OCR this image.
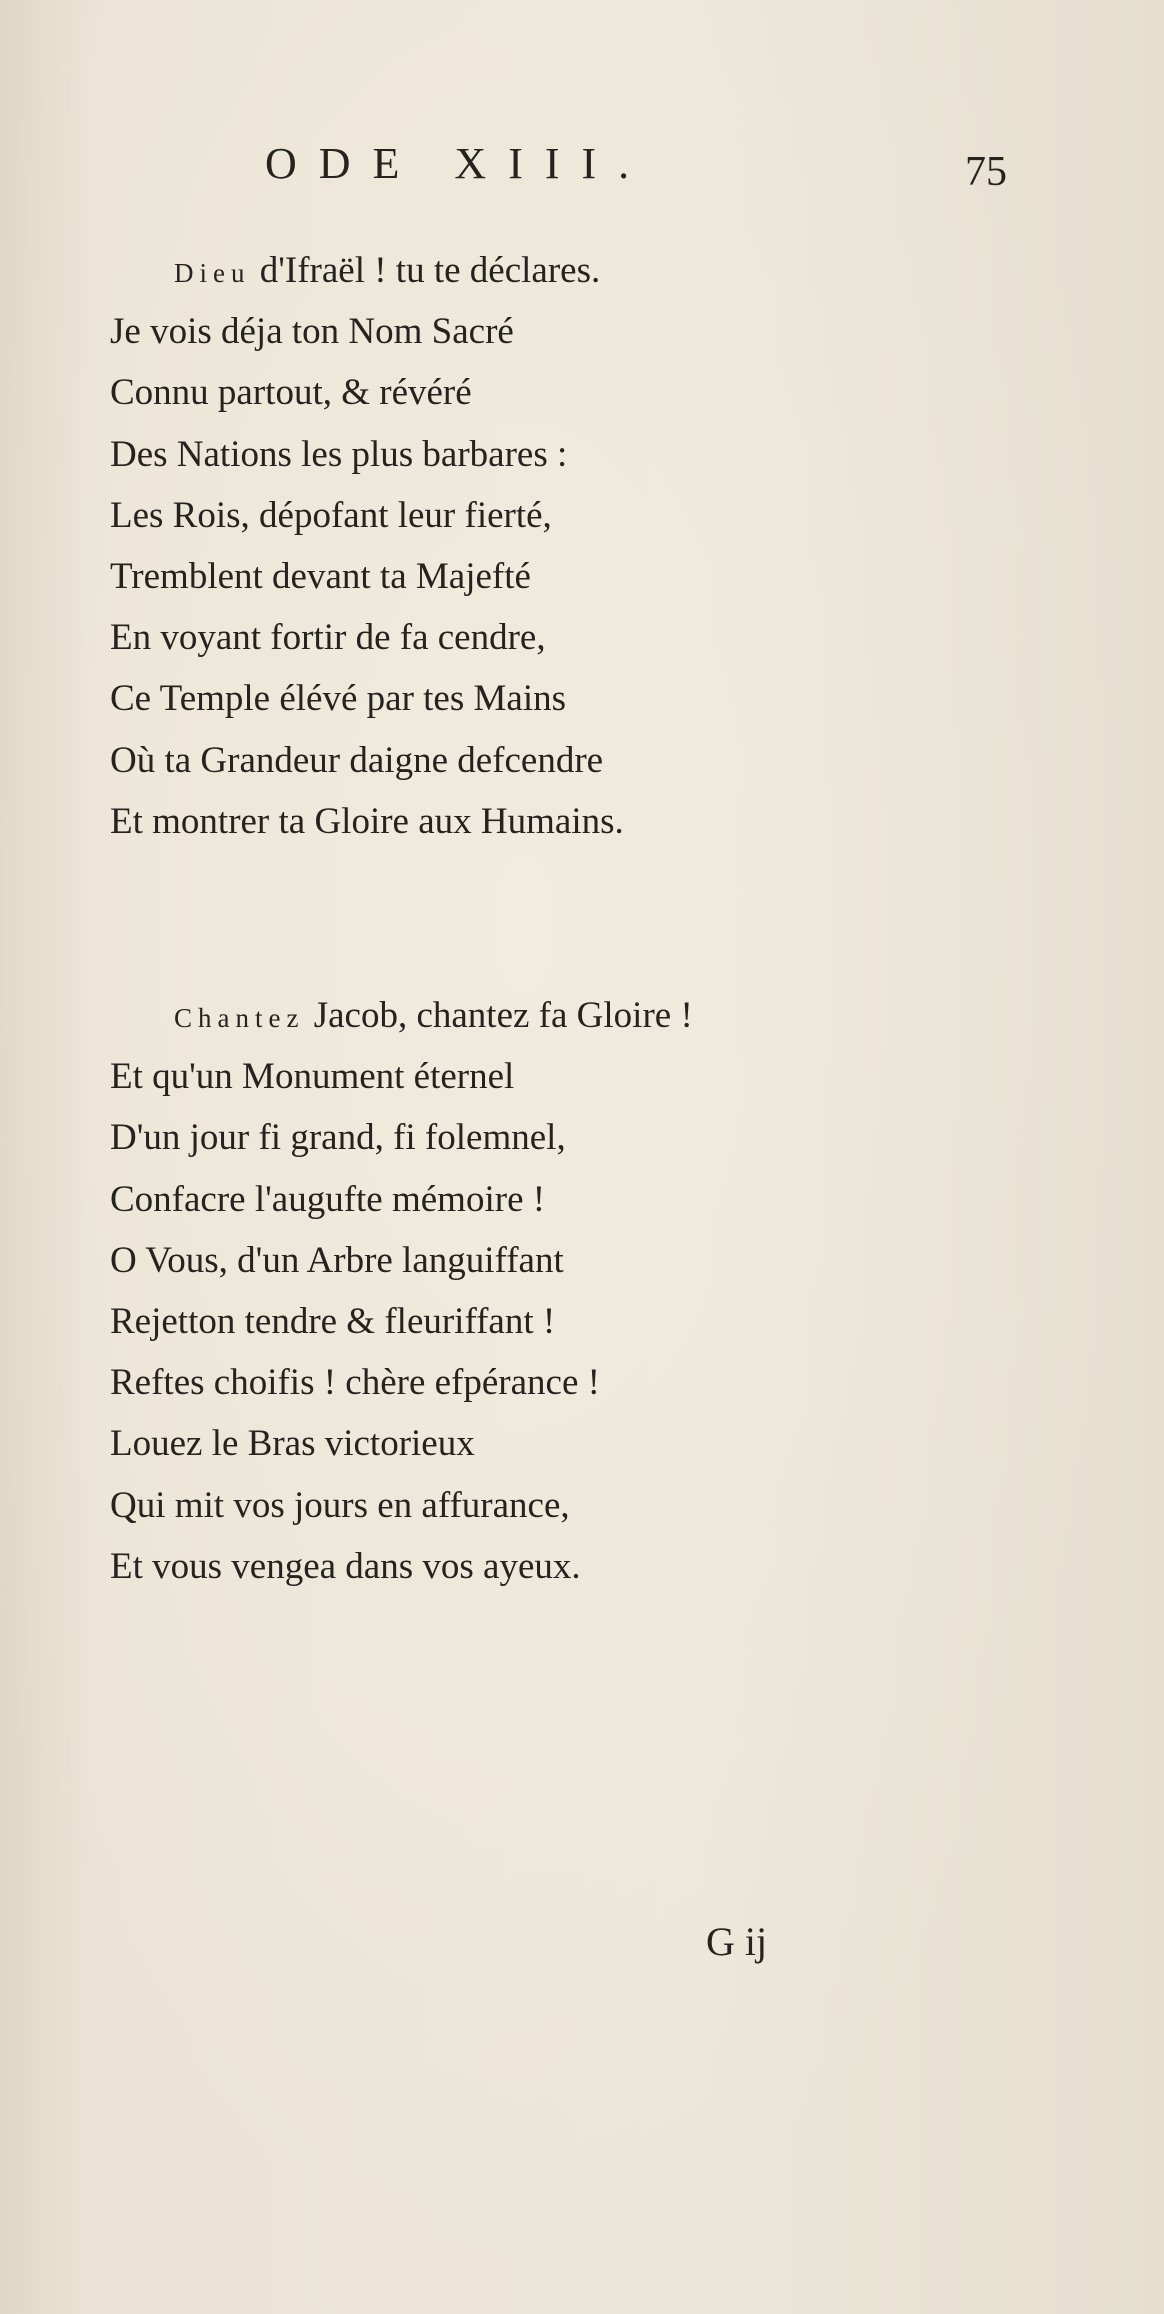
ODE XIII.	75
Dieu d'Ifraël ! tu te déclares.
Je vois déja ton Nom Sacré
Connu partout, & révéré
Des Nations les plus barbares :
Les Rois, dépofant leur fierté,
Tremblent devant ta Majefté
En voyant fortir de fa cendre,
Ce Temple élévé par tes Mains
Où ta Grandeur daigne defcendre
Et montrer ta Gloire aux Humains.
Chantez Jacob, chantez fa Gloire !
Et qu'un Monument éternel
D'un jour fi grand, fi folemnel,
Confacre l'augufte mémoire !
O Vous, d'un Arbre languiffant
Rejetton tendre & fleuriffant !
Reftes choifis ! chère efpérance !
Louez le Bras victorieux
Qui mit vos jours en affurance,
Et vous vengea dans vos ayeux.
G ij
